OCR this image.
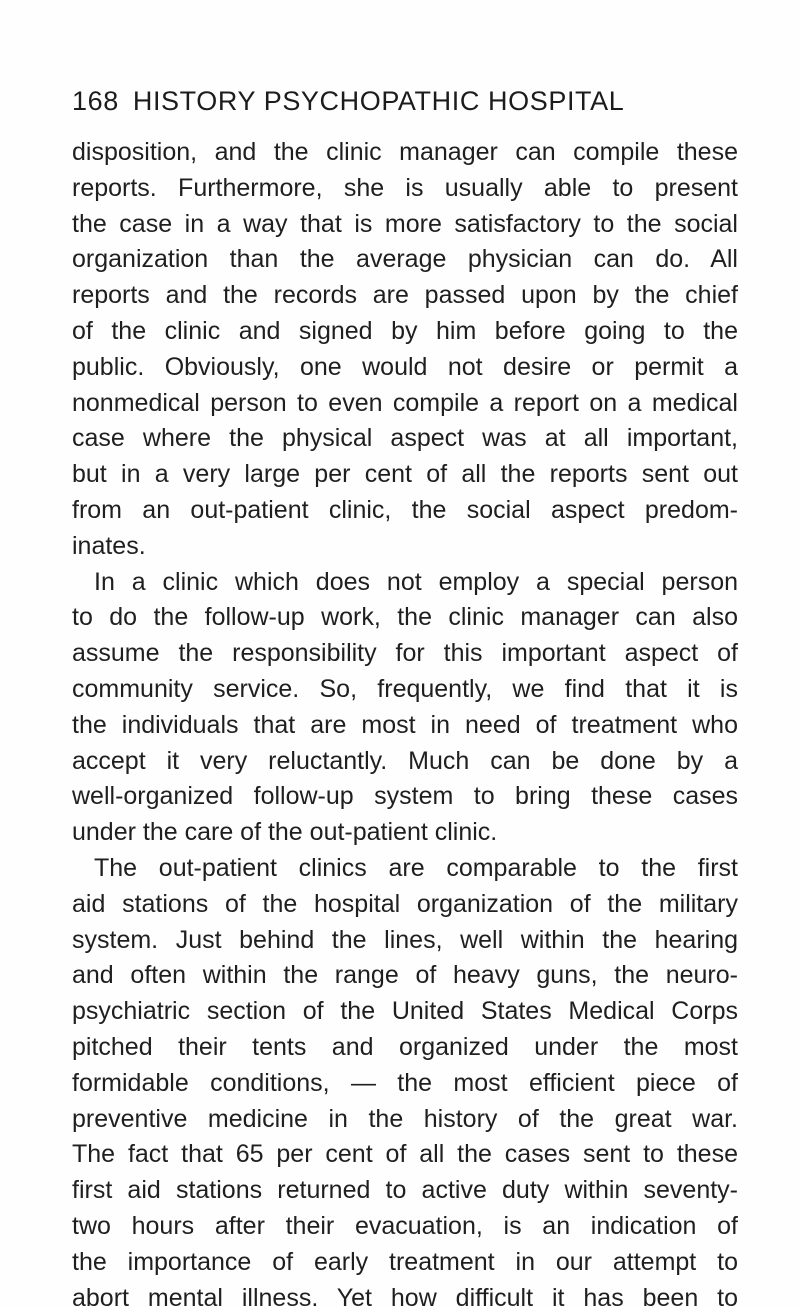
168 HISTORY PSYCHOPATHIC HOSPITAL
disposition, and the clinic manager can compile these
reports. Furthermore, she is usually able to present
the case in a way that is more satisfactory to the social
organization than the average physician can do. All
reports and the records are passed upon by the chief
of the clinic and signed by him before going to the
public. Obviously, one would not desire or permit a
nonmedical person to even compile a report on a medical
case where the physical aspect was at all important,
but in a very large per cent of all the reports sent out
from an out-patient clinic, the social aspect predom-
inates.
In a clinic which does not employ a special person
to do the follow-up work, the clinic manager can also
assume the responsibility for this important aspect of
community service. So, frequently, we find that it is
the individuals that are most in need of treatment who
accept it very reluctantly. Much can be done by a
well-organized follow-up system to bring these cases
under the care of the out-patient clinic.
The out-patient clinics are comparable to the first
aid stations of the hospital organization of the military
system. Just behind the lines, well within the hearing
and often within the range of heavy guns, the neuro-
psychiatric section of the United States Medical Corps
pitched their tents and organized under the most
formidable conditions, — the most efficient piece of
preventive medicine in the history of the great war.
The fact that 65 per cent of all the cases sent to these
first aid stations returned to active duty within seventy-
two hours after their evacuation, is an indication of
the importance of early treatment in our attempt to
abort mental illness. Yet how difficult it has been to
